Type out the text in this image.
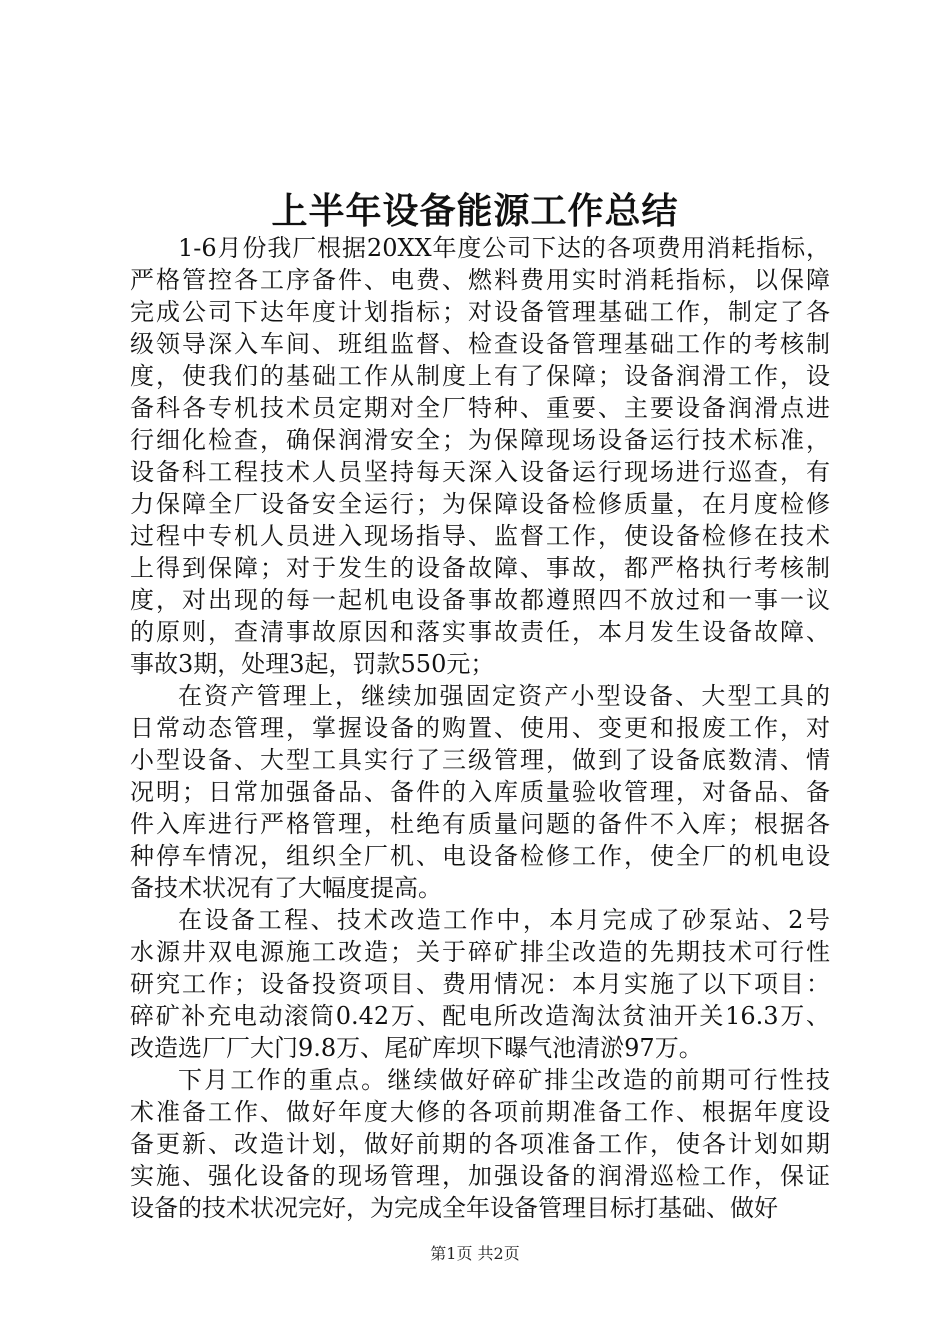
上半年设备能源工作总结
1-6月份我厂根据20XX年度公司下达的各项费用消耗指标，
严格管控各工序备件、电费、燃料费用实时消耗指标，以保障
完成公司下达年度计划指标；对设备管理基础工作，制定了各
级领导深入车间、班组监督、检查设备管理基础工作的考核制
度，使我们的基础工作从制度上有了保障；设备润滑工作，设
备科各专机技术员定期对全厂特种、重要、主要设备润滑点进
行细化检查，确保润滑安全；为保障现场设备运行技术标准，
设备科工程技术人员坚持每天深入设备运行现场进行巡查，有
力保障全厂设备安全运行；为保障设备检修质量，在月度检修
过程中专机人员进入现场指导、监督工作，使设备检修在技术
上得到保障；对于发生的设备故障、事故，都严格执行考核制
度，对出现的每一起机电设备事故都遵照四不放过和一事一议
的原则，查清事故原因和落实事故责任，本月发生设备故障、
事故3期，处理3起，罚款550元；
在资产管理上，继续加强固定资产小型设备、大型工具的
日常动态管理，掌握设备的购置、使用、变更和报废工作，对
小型设备、大型工具实行了三级管理，做到了设备底数清、情
况明；日常加强备品、备件的入库质量验收管理，对备品、备
件入库进行严格管理，杜绝有质量问题的备件不入库；根据各
种停车情况，组织全厂机、电设备检修工作，使全厂的机电设
备技术状况有了大幅度提高。
在设备工程、技术改造工作中，本月完成了砂泵站、2号
水源井双电源施工改造；关于碎矿排尘改造的先期技术可行性
研究工作；设备投资项目、费用情况：本月实施了以下项目：
碎矿补充电动滚筒0.42万、配电所改造淘汰贫油开关16.3万、
改造选厂厂大门9.8万、尾矿库坝下曝气池清淤97万。
下月工作的重点。继续做好碎矿排尘改造的前期可行性技
术准备工作、做好年度大修的各项前期准备工作、根据年度设
备更新、改造计划，做好前期的各项准备工作，使各计划如期
实施、强化设备的现场管理，加强设备的润滑巡检工作，保证
设备的技术状况完好，为完成全年设备管理目标打基础、做好
第1页 共2页
